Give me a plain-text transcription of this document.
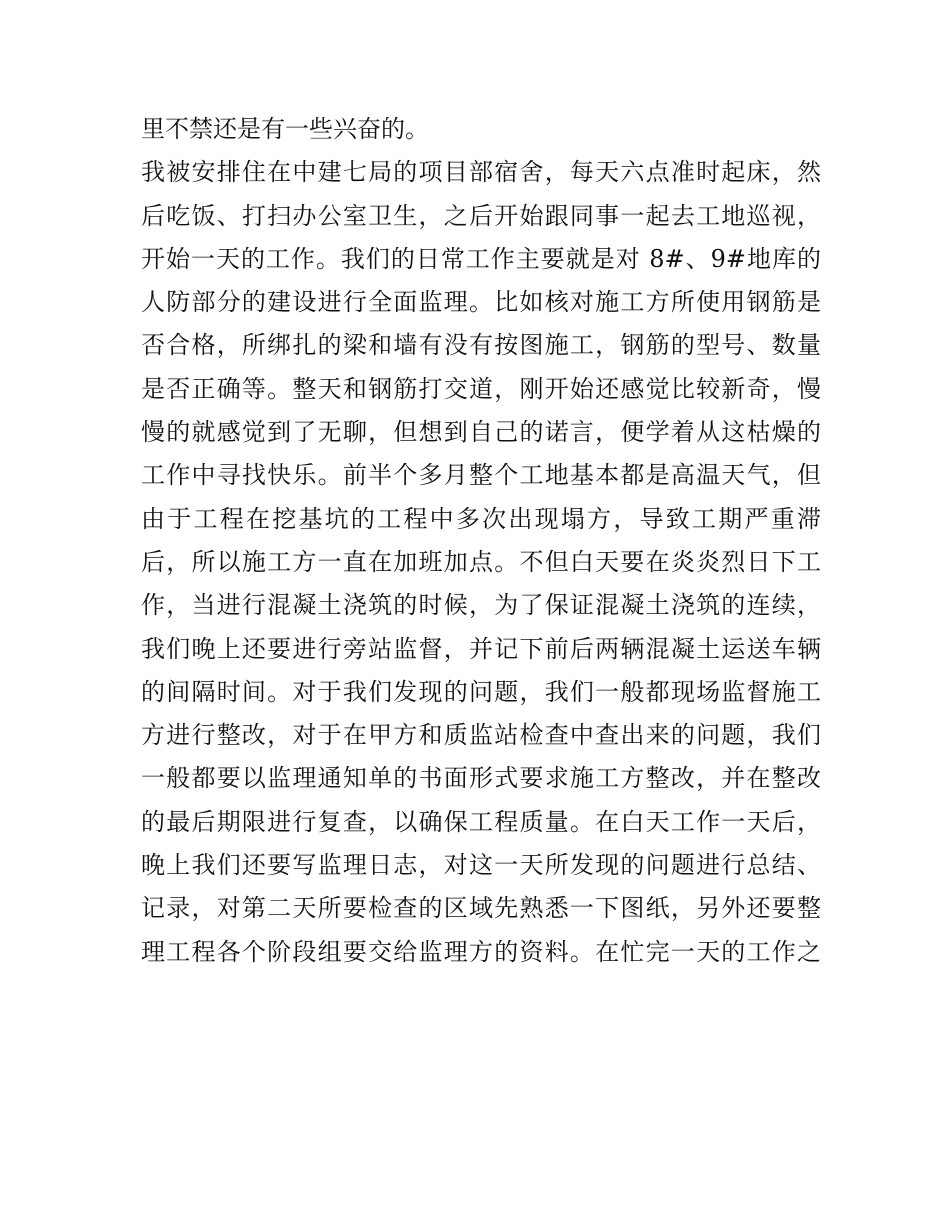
里不禁还是有一些兴奋的。
我被安排住在中建七局的项目部宿舍，每天六点准时起床，然
后吃饭、打扫办公室卫生，之后开始跟同事一起去工地巡视，
开始一天的工作。我们的日常工作主要就是对 8#、9#地库的
人防部分的建设进行全面监理。比如核对施工方所使用钢筋是
否合格，所绑扎的梁和墙有没有按图施工，钢筋的型号、数量
是否正确等。整天和钢筋打交道，刚开始还感觉比较新奇，慢
慢的就感觉到了无聊，但想到自己的诺言，便学着从这枯燥的
工作中寻找快乐。前半个多月整个工地基本都是高温天气，但
由于工程在挖基坑的工程中多次出现塌方，导致工期严重滞
后，所以施工方一直在加班加点。不但白天要在炎炎烈日下工
作，当进行混凝土浇筑的时候，为了保证混凝土浇筑的连续，
我们晚上还要进行旁站监督，并记下前后两辆混凝土运送车辆
的间隔时间。对于我们发现的问题，我们一般都现场监督施工
方进行整改，对于在甲方和质监站检查中查出来的问题，我们
一般都要以监理通知单的书面形式要求施工方整改，并在整改
的最后期限进行复查，以确保工程质量。在白天工作一天后，
晚上我们还要写监理日志，对这一天所发现的问题进行总结、
记录，对第二天所要检查的区域先熟悉一下图纸，另外还要整
理工程各个阶段组要交给监理方的资料。在忙完一天的工作之
